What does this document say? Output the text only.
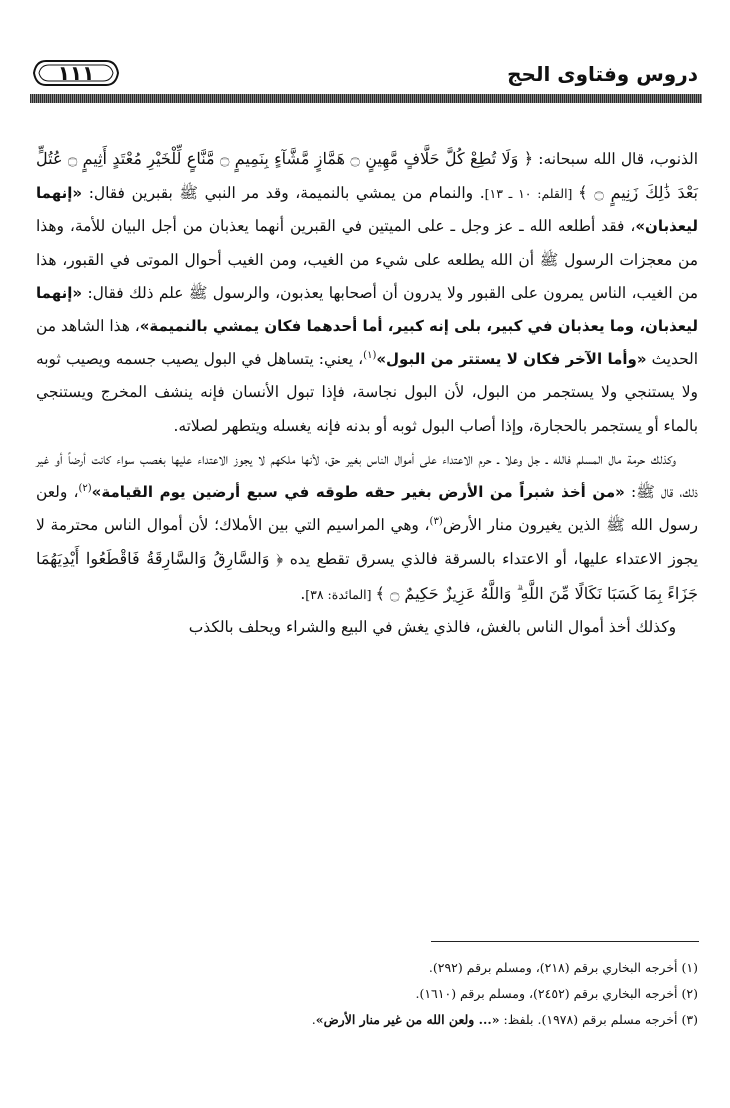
دروس وفتاوى الحج
١١١

الذنوب، قال الله سبحانه: ﴿ وَلَا تُطِعْ كُلَّ حَلَّافٍ مَّهِينٍ ۝ هَمَّازٍ مَّشَّآءٍ بِنَمِيمٍ ۝ مَّنَّاعٍ لِّلْخَيْرِ مُعْتَدٍ أَثِيمٍ ۝ عُتُلٍّ بَعْدَ ذَٰلِكَ زَنِيمٍ ۝ ﴾ [القلم: ١٠ ـ ١٣]. والنمام من يمشي بالنميمة، وقد مر النبي ﷺ بقبرين فقال: «إنهما ليعذبان»، فقد أطلعه الله ـ عز وجل ـ على الميتين في القبرين أنهما يعذبان من أجل البيان للأمة، وهذا من معجزات الرسول ﷺ أن الله يطلعه على شيء من الغيب، ومن الغيب أحوال الموتى في القبور، هذا من الغيب، الناس يمرون على القبور ولا يدرون أن أصحابها يعذبون، والرسول ﷺ علم ذلك فقال: «إنهما ليعذبان، وما يعذبان في كبير، بلى إنه كبير، أما أحدهما فكان يمشي بالنميمة»، هذا الشاهد من الحديث «وأما الآخر فكان لا يستتر من البول»$^{(١)}$، يعني: يتساهل في البول يصيب جسمه ويصيب ثوبه ولا يستنجي ولا يستجمر من البول، لأن البول نجاسة، فإذا تبول الأنسان فإنه ينشف المخرج ويستنجي بالماء أو يستجمر بالحجارة، وإذا أصاب البول ثوبه أو بدنه فإنه يغسله ويتطهر لصلاته.

وكذلك حرمة مال المسلم فالله ـ جل وعلا ـ حرم الاعتداء على أموال الناس بغير حق، لأنها ملكهم لا يجوز الاعتداء عليها بغصب سواء كانت أرضاً أو غير ذلك، قال ﷺ: «من أخذ شبراً من الأرض بغير حقه طوقه في سبع أرضين يوم القيامة»$^{(٢)}$، ولعن رسول الله ﷺ الذين يغيرون منار الأرض$^{(٣)}$، وهي المراسيم التي بين الأملاك؛ لأن أموال الناس محترمة لا يجوز الاعتداء عليها، أو الاعتداء بالسرقة فالذي يسرق تقطع يده ﴿ وَالسَّارِقُ وَالسَّارِقَةُ فَاقْطَعُوا أَيْدِيَهُمَا جَزَاءً بِمَا كَسَبَا نَكَالًا مِّنَ اللَّهِ ۗ وَاللَّهُ عَزِيزٌ حَكِيمٌ ۝ ﴾ [المائدة: ٣٨].

وكذلك أخذ أموال الناس بالغش، فالذي يغش في البيع والشراء ويحلف بالكذب

(١) أخرجه البخاري برقم (٢١٨)، ومسلم برقم (٢٩٢).

(٢) أخرجه البخاري برقم (٢٤٥٢)، ومسلم برقم (١٦١٠).

(٣) أخرجه مسلم برقم (١٩٧٨). بلفظ: «... ولعن الله من غير منار الأرض».
